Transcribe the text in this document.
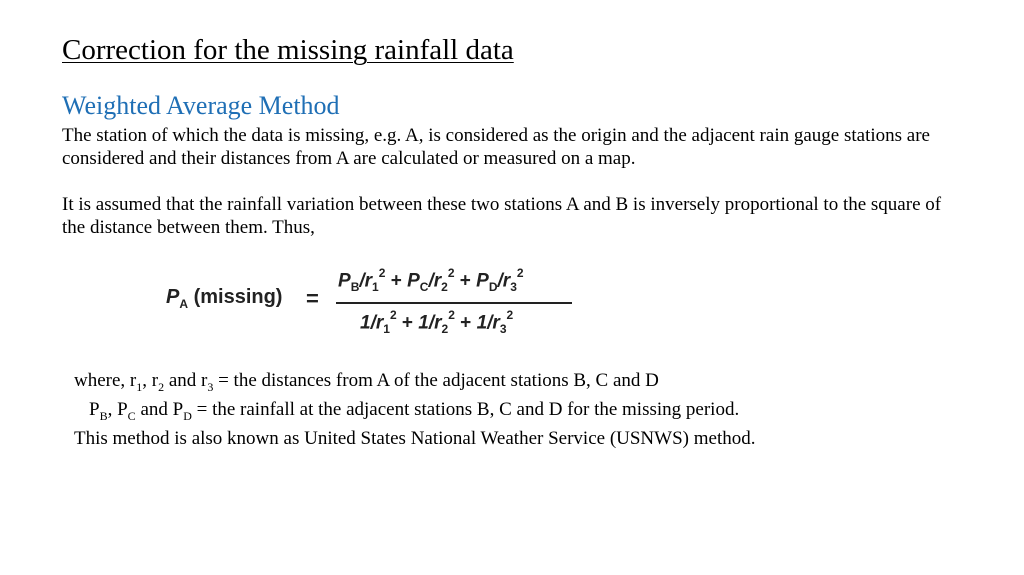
Correction for the missing rainfall data
Weighted Average Method
The station of which the data is missing, e.g. A, is considered as the origin and the adjacent rain gauge stations are considered and their distances from A are calculated or measured on a map.
It is assumed that the rainfall variation between these two stations A and B is inversely proportional to the square of the distance between them. Thus,
$P_A$ (missing) =
$P_B/r_1^2 + P_C/r_2^2 + P_D/r_3^2$
$1/r_1^2 + 1/r_2^2 + 1/r_3^2$
where, $r_1$, $r_2$ and $r_3$ = the distances from A of the adjacent stations B, C and D
$P_B$, $P_C$ and $P_D$ = the rainfall at the adjacent stations B, C and D for the missing period.
This method is also known as United States National Weather Service (USNWS) method.
